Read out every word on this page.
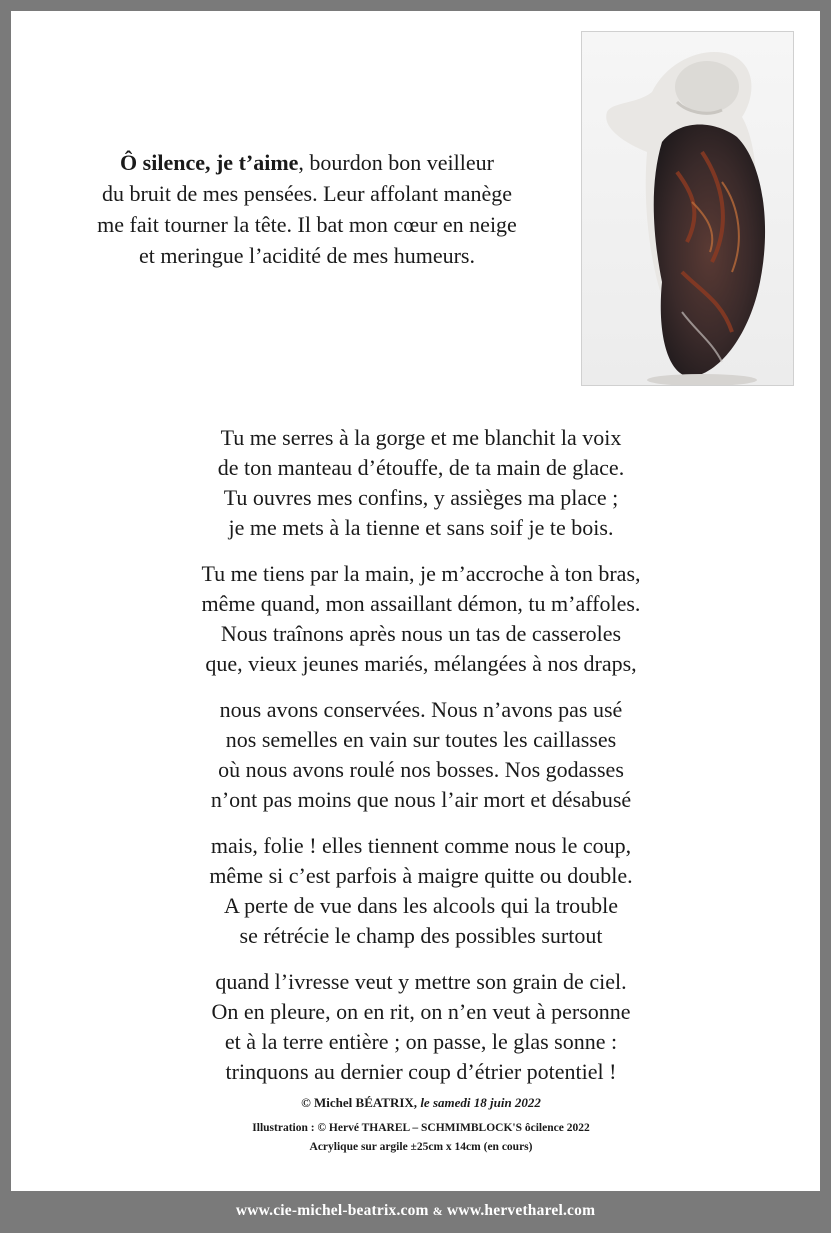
Ô silence, je t’aime, bourdon bon veilleur
du bruit de mes pensées. Leur affolant manège
me fait tourner la tête. Il bat mon cœur en neige
et meringue l’acidité de mes humeurs.
Tu me serres à la gorge et me blanchit la voix
de ton manteau d’étouffe, de ta main de glace.
Tu ouvres mes confins, y assièges ma place ;
je me mets à la tienne et sans soif je te bois.
Tu me tiens par la main, je m’accroche à ton bras,
même quand, mon assaillant démon, tu m’affoles.
Nous traînons après nous un tas de casseroles
que, vieux jeunes mariés, mélangées à nos draps,
nous avons conservées. Nous n’avons pas usé
nos semelles en vain sur toutes les caillasses
où nous avons roulé nos bosses. Nos godasses
n’ont pas moins que nous l’air mort et désabusé
mais, folie ! elles tiennent comme nous le coup,
même si c’est parfois à maigre quitte ou double.
A perte de vue dans les alcools qui la trouble
se rétrécie le champ des possibles surtout
quand l’ivresse veut y mettre son grain de ciel.
On en pleure, on en rit, on n’en veut à personne
et à la terre entière ; on passe, le glas sonne :
trinquons au dernier coup d’étrier potentiel !
© Michel BÉATRIX, le samedi 18 juin 2022
Illustration : © Hervé THAREL – SCHMIMBLOCK'S ôcilence 2022
Acrylique sur argile ±25cm x 14cm (en cours)
www.cie-michel-beatrix.com & www.hervetharel.com
